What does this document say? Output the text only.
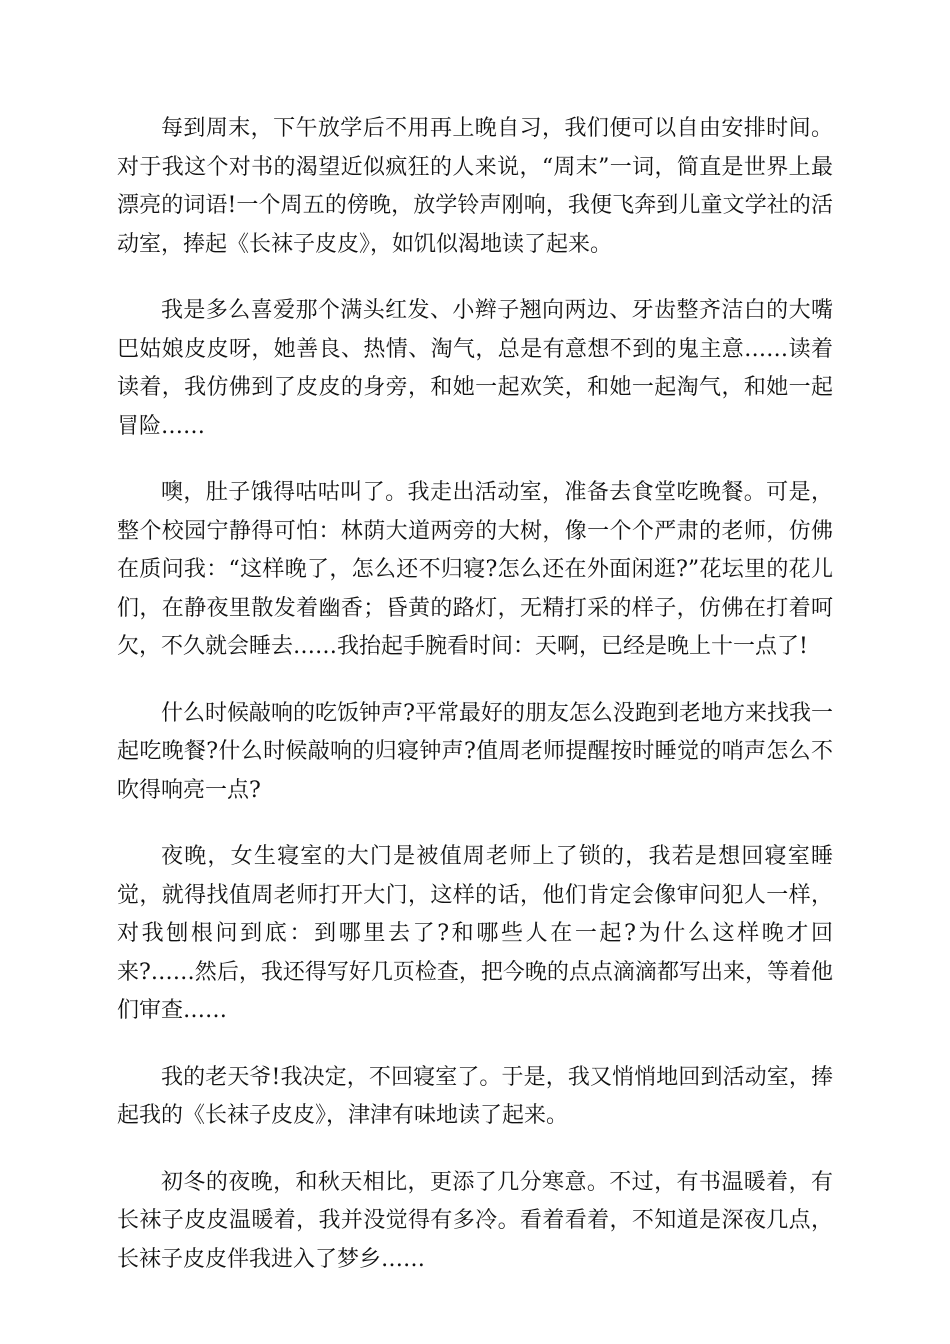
每到周末，下午放学后不用再上晚自习，我们便可以自由安排时间。对于我这个对书的渴望近似疯狂的人来说，“周末”一词，简直是世界上最漂亮的词语!一个周五的傍晚，放学铃声刚响，我便飞奔到儿童文学社的活动室，捧起《长袜子皮皮》，如饥似渴地读了起来。

我是多么喜爱那个满头红发、小辫子翘向两边、牙齿整齐洁白的大嘴巴姑娘皮皮呀，她善良、热情、淘气，总是有意想不到的鬼主意……读着读着，我仿佛到了皮皮的身旁，和她一起欢笑，和她一起淘气，和她一起冒险……

噢，肚子饿得咕咕叫了。我走出活动室，准备去食堂吃晚餐。可是，整个校园宁静得可怕：林荫大道两旁的大树，像一个个严肃的老师，仿佛在质问我：“这样晚了，怎么还不归寝?怎么还在外面闲逛?”花坛里的花儿们，在静夜里散发着幽香；昏黄的路灯，无精打采的样子，仿佛在打着呵欠，不久就会睡去……我抬起手腕看时间：天啊，已经是晚上十一点了!

什么时候敲响的吃饭钟声?平常最好的朋友怎么没跑到老地方来找我一起吃晚餐?什么时候敲响的归寝钟声?值周老师提醒按时睡觉的哨声怎么不吹得响亮一点?

夜晚，女生寝室的大门是被值周老师上了锁的，我若是想回寝室睡觉，就得找值周老师打开大门，这样的话，他们肯定会像审问犯人一样，对我刨根问到底：到哪里去了?和哪些人在一起?为什么这样晚才回来?……然后，我还得写好几页检查，把今晚的点点滴滴都写出来，等着他们审查……

我的老天爷!我决定，不回寝室了。于是，我又悄悄地回到活动室，捧起我的《长袜子皮皮》，津津有味地读了起来。

初冬的夜晚，和秋天相比，更添了几分寒意。不过，有书温暖着，有长袜子皮皮温暖着，我并没觉得有多冷。看着看着，不知道是深夜几点，长袜子皮皮伴我进入了梦乡……
